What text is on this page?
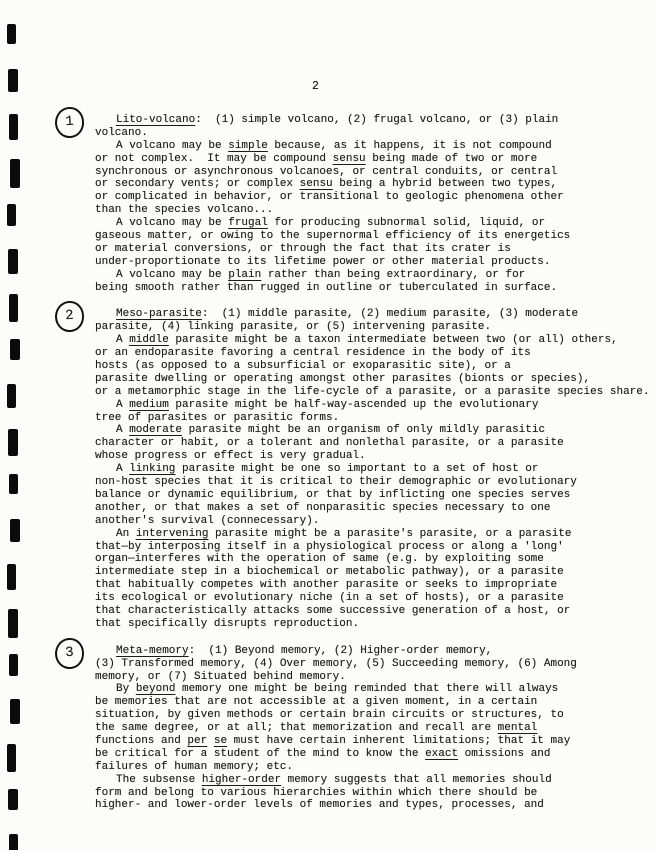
2
1	Lito-volcano:  (1) simple volcano, (2) frugal volcano, or (3) plain
volcano.
A volcano may be simple because, as it happens, it is not compound
or not complex.  It may be compound sensu being made of two or more
synchronous or asynchronous volcanoes, or central conduits, or central
or secondary vents; or complex sensu being a hybrid between two types,
or complicated in behavior, or transitional to geologic phenomena other
than the species volcano...
A volcano may be frugal for producing subnormal solid, liquid, or
gaseous matter, or owing to the supernormal efficiency of its energetics
or material conversions, or through the fact that its crater is
under-proportionate to its lifetime power or other material products.
A volcano may be plain rather than being extraordinary, or for
being smooth rather than rugged in outline or tuberculated in surface.
2	Meso-parasite:  (1) middle parasite, (2) medium parasite, (3) moderate
parasite, (4) linking parasite, or (5) intervening parasite.
A middle parasite might be a taxon intermediate between two (or all) others,
or an endoparasite favoring a central residence in the body of its
hosts (as opposed to a subsurficial or exoparasitic site), or a
parasite dwelling or operating amongst other parasites (bionts or species),
or a metamorphic stage in the life-cycle of a parasite, or a parasite species share.
A medium parasite might be half-way-ascended up the evolutionary
tree of parasites or parasitic forms.
A moderate parasite might be an organism of only mildly parasitic
character or habit, or a tolerant and nonlethal parasite, or a parasite
whose progress or effect is very gradual.
A linking parasite might be one so important to a set of host or
non-host species that it is critical to their demographic or evolutionary
balance or dynamic equilibrium, or that by inflicting one species serves
another, or that makes a set of nonparasitic species necessary to one
another's survival (connecessary).
An intervening parasite might be a parasite's parasite, or a parasite
that—by interposing itself in a physiological process or along a 'long'
organ—interferes with the operation of same (e.g. by exploiting some
intermediate step in a biochemical or metabolic pathway), or a parasite
that habitually competes with another parasite or seeks to impropriate
its ecological or evolutionary niche (in a set of hosts), or a parasite
that characteristically attacks some successive generation of a host, or
that specifically disrupts reproduction.
3	Meta-memory:  (1) Beyond memory, (2) Higher-order memory,
(3) Transformed memory, (4) Over memory, (5) Succeeding memory, (6) Among
memory, or (7) Situated behind memory.
By beyond memory one might be being reminded that there will always
be memories that are not accessible at a given moment, in a certain
situation, by given methods or certain brain circuits or structures, to
the same degree, or at all; that memorization and recall are mental
functions and per se must have certain inherent limitations; that it may
be critical for a student of the mind to know the exact omissions and
failures of human memory; etc.
The subsense higher-order memory suggests that all memories should
form and belong to various hierarchies within which there should be
higher- and lower-order levels of memories and types, processes, and
